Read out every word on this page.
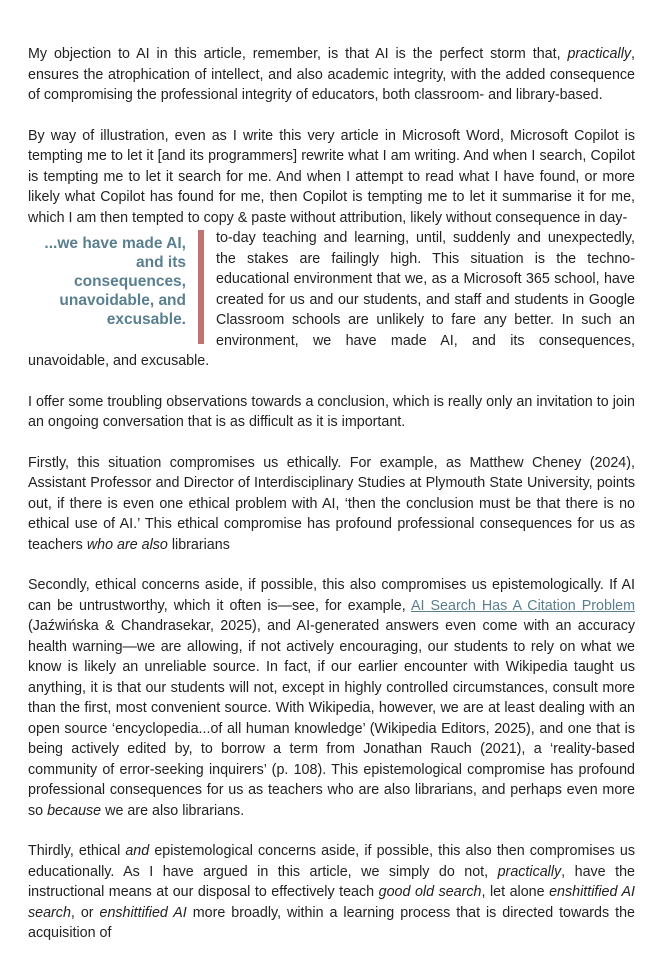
My objection to AI in this article, remember, is that AI is the perfect storm that, practically, ensures the atrophication of intellect, and also academic integrity, with the added consequence of compromising the professional integrity of educators, both classroom- and library-based.

By way of illustration, even as I write this very article in Microsoft Word, Microsoft Copilot is tempting me to let it [and its programmers] rewrite what I am writing. And when I search, Copilot is tempting me to let it search for me. And when I attempt to read what I have found, or more likely what Copilot has found for me, then Copilot is tempting me to let it summarise it for me, which I am then tempted to copy & paste without attribution, likely without consequence in day-

...we have made AI, and its consequences, unavoidable, and excusable.

to-day teaching and learning, until, suddenly and unexpectedly, the stakes are failingly high. This situation is the techno-educational environment that we, as a Microsoft 365 school, have created for us and our students, and staff and students in Google Classroom schools are unlikely to fare any better. In such an environment, we have made AI, and its consequences, unavoidable, and excusable.

I offer some troubling observations towards a conclusion, which is really only an invitation to join an ongoing conversation that is as difficult as it is important.

Firstly, this situation compromises us ethically. For example, as Matthew Cheney (2024), Assistant Professor and Director of Interdisciplinary Studies at Plymouth State University, points out, if there is even one ethical problem with AI, ‘then the conclusion must be that there is no ethical use of AI.’ This ethical compromise has profound professional consequences for us as teachers who are also librarians

Secondly, ethical concerns aside, if possible, this also compromises us epistemologically. If AI can be untrustworthy, which it often is—see, for example, AI Search Has A Citation Problem (Jaźwińska & Chandrasekar, 2025), and AI-generated answers even come with an accuracy health warning—we are allowing, if not actively encouraging, our students to rely on what we know is likely an unreliable source. In fact, if our earlier encounter with Wikipedia taught us anything, it is that our students will not, except in highly controlled circumstances, consult more than the first, most convenient source. With Wikipedia, however, we are at least dealing with an open source ‘encyclopedia...of all human knowledge’ (Wikipedia Editors, 2025), and one that is being actively edited by, to borrow a term from Jonathan Rauch (2021), a ‘reality-based community of error-seeking inquirers’ (p. 108). This epistemological compromise has profound professional consequences for us as teachers who are also librarians, and perhaps even more so because we are also librarians.

Thirdly, ethical and epistemological concerns aside, if possible, this also then compromises us educationally. As I have argued in this article, we simply do not, practically, have the instructional means at our disposal to effectively teach good old search, let alone enshittified AI search, or enshittified AI more broadly, within a learning process that is directed towards the acquisition of
